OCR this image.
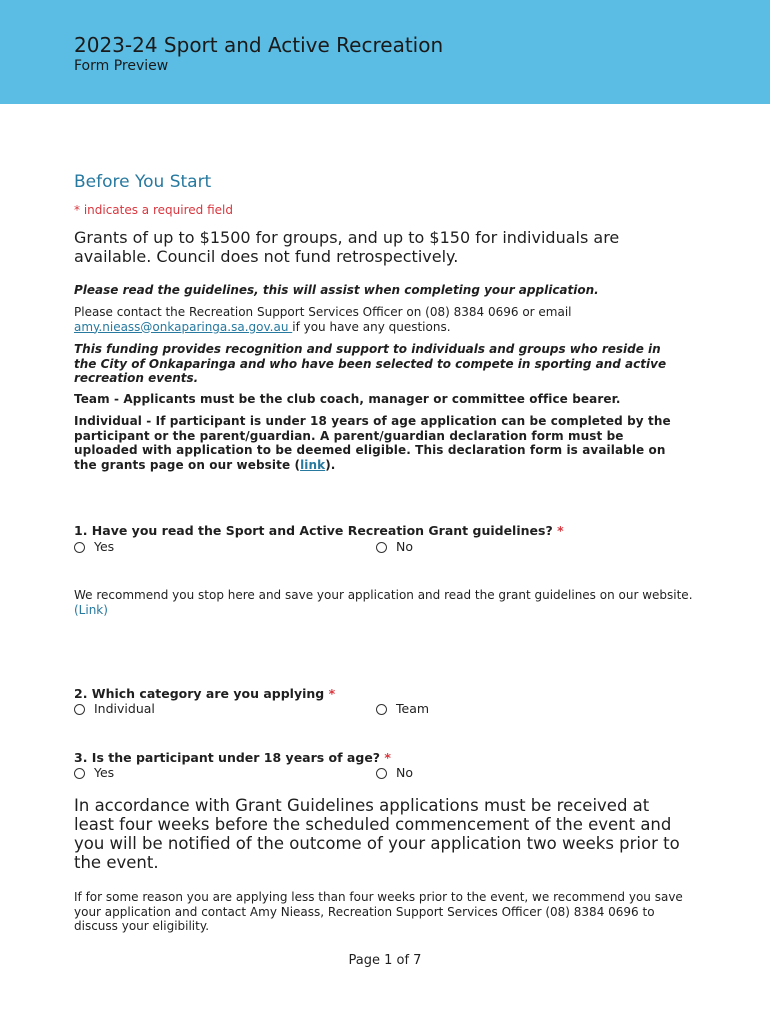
2023-24 Sport and Active Recreation
Form Preview
Before You Start
* indicates a required field
Grants of up to $1500 for groups, and up to $150 for individuals are available. Council does not fund retrospectively.
Please read the guidelines, this will assist when completing your application.
Please contact the Recreation Support Services Officer on (08) 8384 0696 or email
amy.nieass@onkaparinga.sa.gov.au if you have any questions.
This funding provides recognition and support to individuals and groups who reside in the City of Onkaparinga and who have been selected to compete in sporting and active recreation events.
Team - Applicants must be the club coach, manager or committee office bearer.
Individual - If participant is under 18 years of age application can be completed by the participant or the parent/guardian. A parent/guardian declaration form must be uploaded with application to be deemed eligible. This declaration form is available on the grants page on our website (link).
1. Have you read the Sport and Active Recreation Grant guidelines? *
Yes	No
We recommend you stop here and save your application and read the grant guidelines on our website. (Link)
2. Which category are you applying *
Individual	Team
3. Is the participant under 18 years of age? *
Yes	No
In accordance with Grant Guidelines applications must be received at least four weeks before the scheduled commencement of the event and you will be notified of the outcome of your application two weeks prior to the event.
If for some reason you are applying less than four weeks prior to the event, we recommend you save your application and contact Amy Nieass, Recreation Support Services Officer (08) 8384 0696 to discuss your eligibility.
Page 1 of 7
